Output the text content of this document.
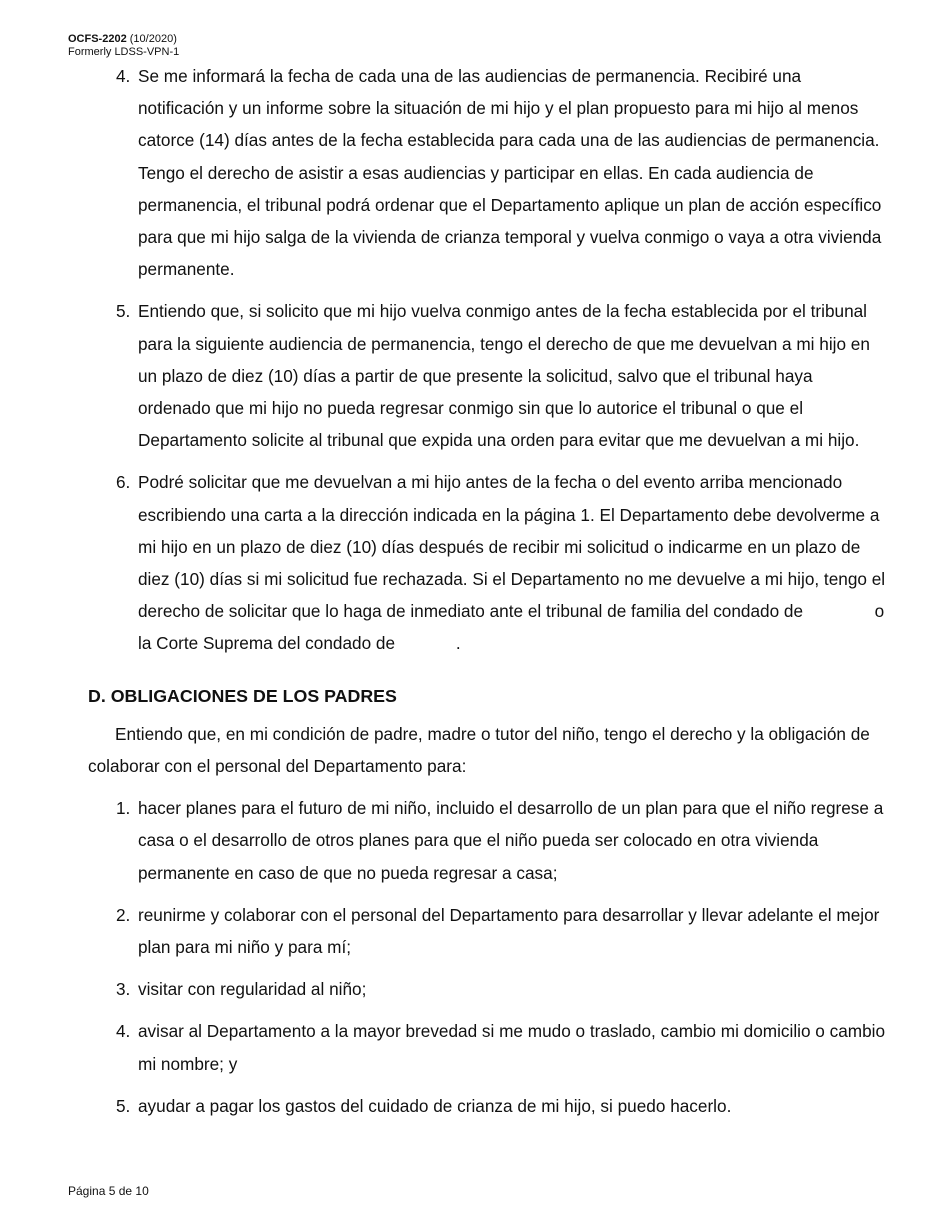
OCFS-2202 (10/2020)
Formerly LDSS-VPN-1
4. Se me informará la fecha de cada una de las audiencias de permanencia. Recibiré una notificación y un informe sobre la situación de mi hijo y el plan propuesto para mi hijo al menos catorce (14) días antes de la fecha establecida para cada una de las audiencias de permanencia. Tengo el derecho de asistir a esas audiencias y participar en ellas. En cada audiencia de permanencia, el tribunal podrá ordenar que el Departamento aplique un plan de acción específico para que mi hijo salga de la vivienda de crianza temporal y vuelva conmigo o vaya a otra vivienda permanente.
5. Entiendo que, si solicito que mi hijo vuelva conmigo antes de la fecha establecida por el tribunal para la siguiente audiencia de permanencia, tengo el derecho de que me devuelvan a mi hijo en un plazo de diez (10) días a partir de que presente la solicitud, salvo que el tribunal haya ordenado que mi hijo no pueda regresar conmigo sin que lo autorice el tribunal o que el Departamento solicite al tribunal que expida una orden para evitar que me devuelvan a mi hijo.
6. Podré solicitar que me devuelvan a mi hijo antes de la fecha o del evento arriba mencionado escribiendo una carta a la dirección indicada en la página 1. El Departamento debe devolverme a mi hijo en un plazo de diez (10) días después de recibir mi solicitud o indicarme en un plazo de diez (10) días si mi solicitud fue rechazada. Si el Departamento no me devuelve a mi hijo, tengo el derecho de solicitar que lo haga de inmediato ante el tribunal de familia del condado de	o la Corte Suprema del condado de	.
D. OBLIGACIONES DE LOS PADRES

Entiendo que, en mi condición de padre, madre o tutor del niño, tengo el derecho y la obligación de colaborar con el personal del Departamento para:

1. hacer planes para el futuro de mi niño, incluido el desarrollo de un plan para que el niño regrese a casa o el desarrollo de otros planes para que el niño pueda ser colocado en otra vivienda permanente en caso de que no pueda regresar a casa;
2. reunirme y colaborar con el personal del Departamento para desarrollar y llevar adelante el mejor plan para mi niño y para mí;
3. visitar con regularidad al niño;
4. avisar al Departamento a la mayor brevedad si me mudo o traslado, cambio mi domicilio o cambio mi nombre; y
5. ayudar a pagar los gastos del cuidado de crianza de mi hijo, si puedo hacerlo.
Página 5 de 10
